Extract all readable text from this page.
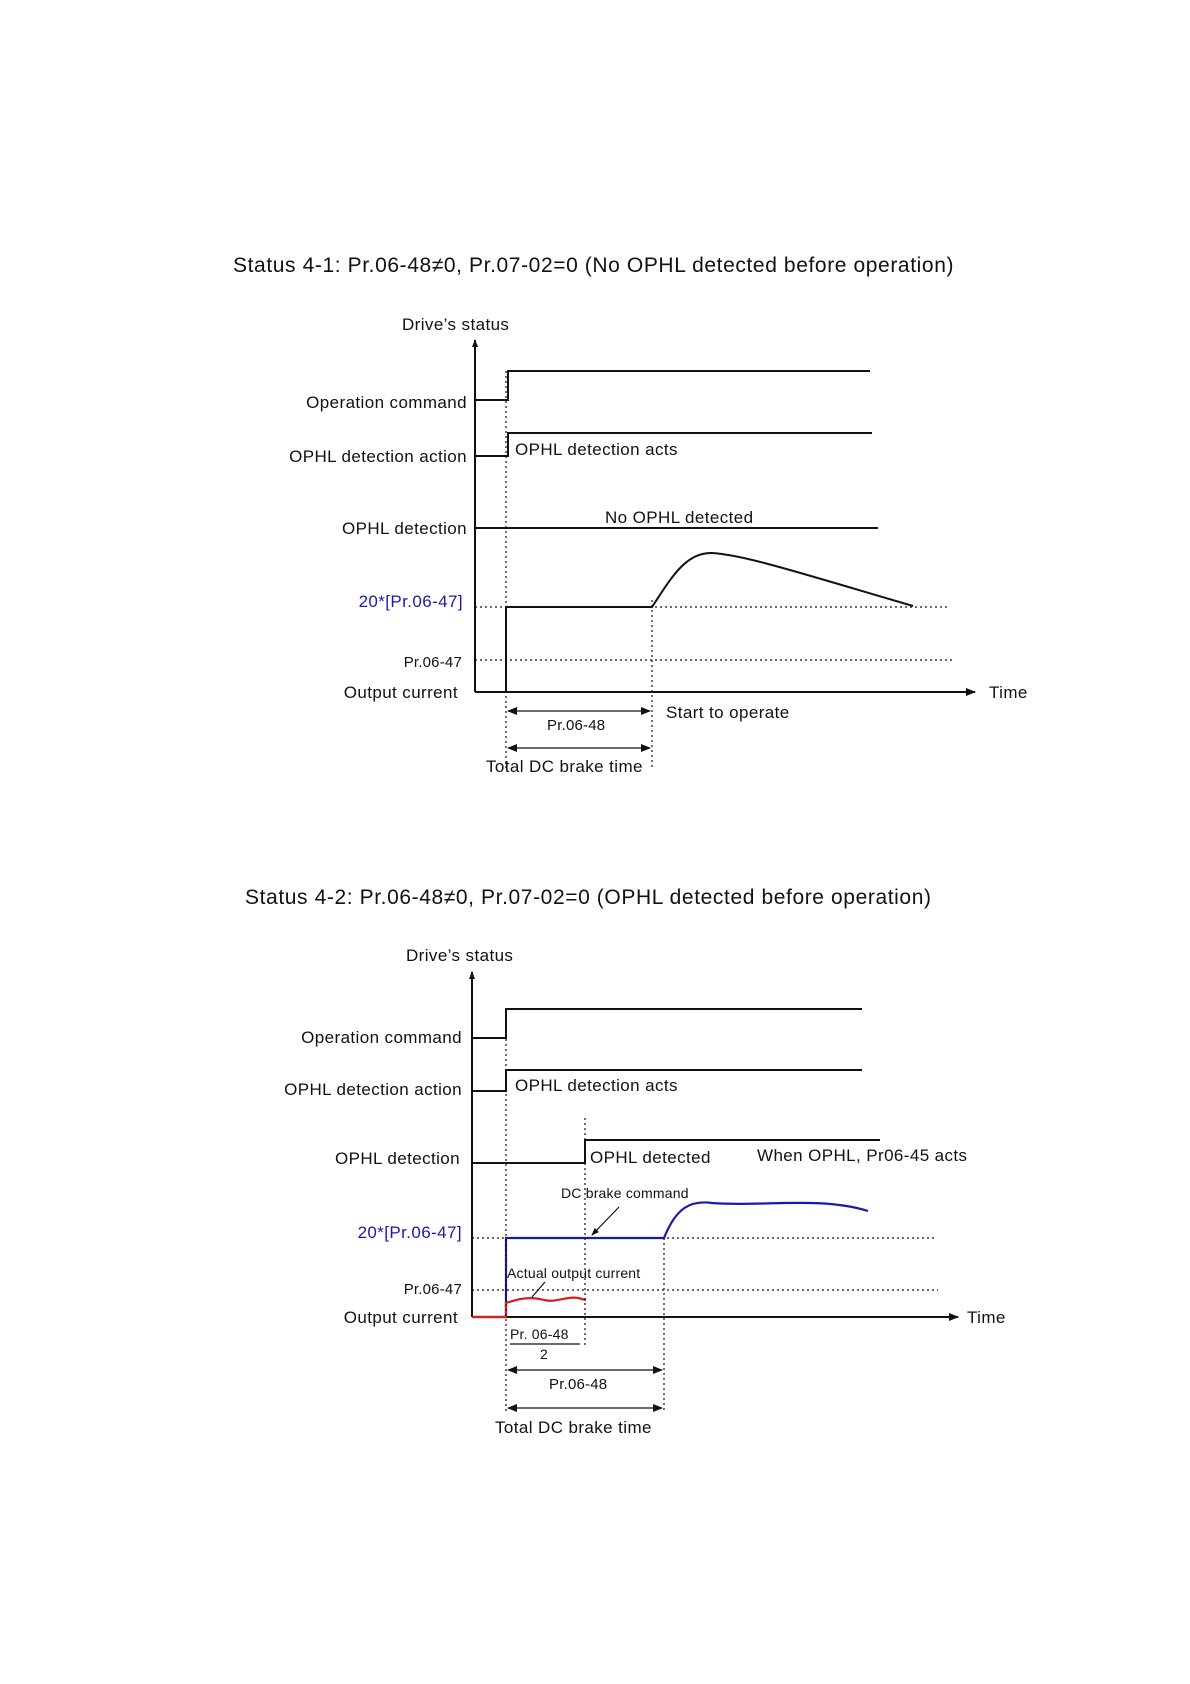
Status 4-1: Pr.06-48≠0, Pr.07-02=0 (No OPHL detected before operation)
Drive’s status
Time
Operation command
OPHL detection action
OPHL detection
20*[Pr.06-47]
Pr.06-47
Output current
OPHL detection acts
No OPHL detected
Pr.06-48
Start to operate
Total DC brake time
Status 4-2: Pr.06-48≠0, Pr.07-02=0 (OPHL detected before operation)
Drive’s status
Time
Operation command
OPHL detection action
OPHL detection
20*[Pr.06-47]
Pr.06-47
Output current
OPHL detection acts
OPHL detected	When OPHL, Pr06-45 acts
DC brake command
Actual output current
Pr. 06-48
2
Pr.06-48
Total DC brake time
